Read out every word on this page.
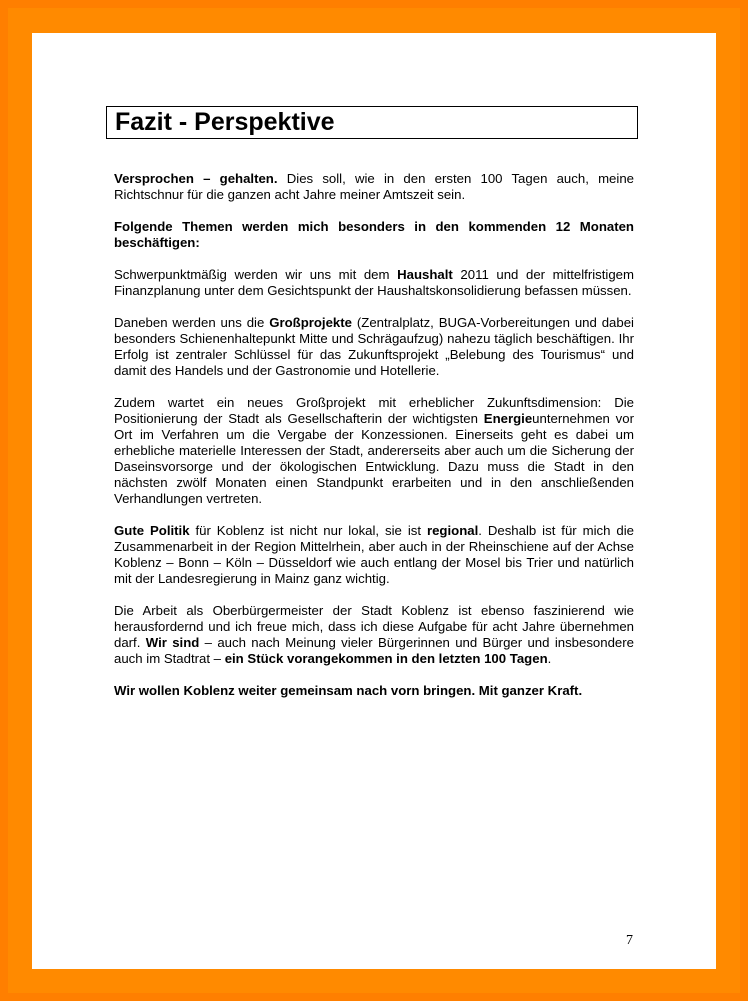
Fazit - Perspektive

Versprochen – gehalten. Dies soll, wie in den ersten 100 Tagen auch, meine Richtschnur für die ganzen acht Jahre meiner Amtszeit sein.

Folgende Themen werden mich besonders in den kommenden 12 Monaten beschäftigen:

Schwerpunktmäßig werden wir uns mit dem Haushalt 2011 und der mittelfristigem Finanzplanung unter dem Gesichtspunkt der Haushaltskonsolidierung befassen müssen.

Daneben werden uns die Großprojekte (Zentralplatz, BUGA-Vorbereitungen und dabei besonders Schienenhaltepunkt Mitte und Schrägaufzug) nahezu täglich beschäftigen. Ihr Erfolg ist zentraler Schlüssel für das Zukunftsprojekt „Belebung des Tourismus“ und damit des Handels und der Gastronomie und Hotellerie.

Zudem wartet ein neues Großprojekt mit erheblicher Zukunftsdimension: Die Positionierung der Stadt als Gesellschafterin der wichtigsten Energieunternehmen vor Ort im Verfahren um die Vergabe der Konzessionen. Einerseits geht es dabei um erhebliche materielle Interessen der Stadt, andererseits aber auch um die Sicherung der Daseinsvorsorge und der ökologischen Entwicklung. Dazu muss die Stadt in den nächsten zwölf Monaten einen Standpunkt erarbeiten und in den anschließenden Verhandlungen vertreten.

Gute Politik für Koblenz ist nicht nur lokal, sie ist regional. Deshalb ist für mich die Zusammenarbeit in der Region Mittelrhein, aber auch in der Rheinschiene auf der Achse Koblenz – Bonn – Köln – Düsseldorf wie auch entlang der Mosel bis Trier und natürlich mit der Landesregierung in Mainz ganz wichtig.

Die Arbeit als Oberbürgermeister der Stadt Koblenz ist ebenso faszinierend wie herausfordernd und ich freue mich, dass ich diese Aufgabe für acht Jahre übernehmen darf. Wir sind – auch nach Meinung vieler Bürgerinnen und Bürger und insbesondere auch im Stadtrat – ein Stück vorangekommen in den letzten 100 Tagen.

Wir wollen Koblenz weiter gemeinsam nach vorn bringen. Mit ganzer Kraft.

7
